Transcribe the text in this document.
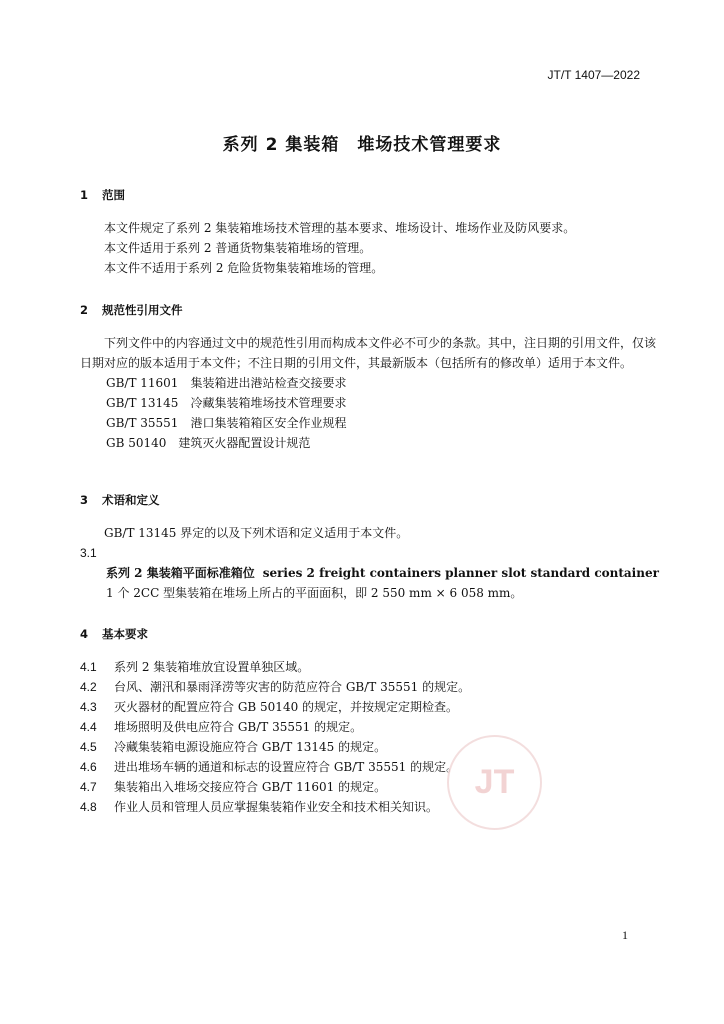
JT/T 1407—2022
系列 2 集装箱　堆场技术管理要求
1 范围

本文件规定了系列 2 集装箱堆场技术管理的基本要求、堆场设计、堆场作业及防风要求。

本文件适用于系列 2 普通货物集装箱堆场的管理。

本文件不适用于系列 2 危险货物集装箱堆场的管理。

2 规范性引用文件

下列文件中的内容通过文中的规范性引用而构成本文件必不可少的条款。其中，注日期的引用文件，仅该日期对应的版本适用于本文件；不注日期的引用文件，其最新版本（包括所有的修改单）适用于本文件。

GB/T 11601　集装箱进出港站检查交接要求
GB/T 13145　冷藏集装箱堆场技术管理要求
GB/T 35551　港口集装箱箱区安全作业规程
GB 50140　建筑灭火器配置设计规范
3 术语和定义

GB/T 13145 界定的以及下列术语和定义适用于本文件。

3.1
系列 2 集装箱平面标准箱位 series 2 freight containers planner slot standard container
1 个 2CC 型集装箱在堆场上所占的平面面积，即 2 550 mm × 6 058 mm。
4 基本要求
4.1 系列 2 集装箱堆放宜设置单独区域。
4.2 台风、潮汛和暴雨泽涝等灾害的防范应符合 GB/T 35551 的规定。
4.3 灭火器材的配置应符合 GB 50140 的规定，并按规定定期检查。
4.4 堆场照明及供电应符合 GB/T 35551 的规定。
4.5 冷藏集装箱电源设施应符合 GB/T 13145 的规定。
4.6 进出堆场车辆的通道和标志的设置应符合 GB/T 35551 的规定。
4.7 集装箱出入堆场交接应符合 GB/T 11601 的规定。
4.8 作业人员和管理人员应掌握集装箱作业安全和技术相关知识。
JT
1
